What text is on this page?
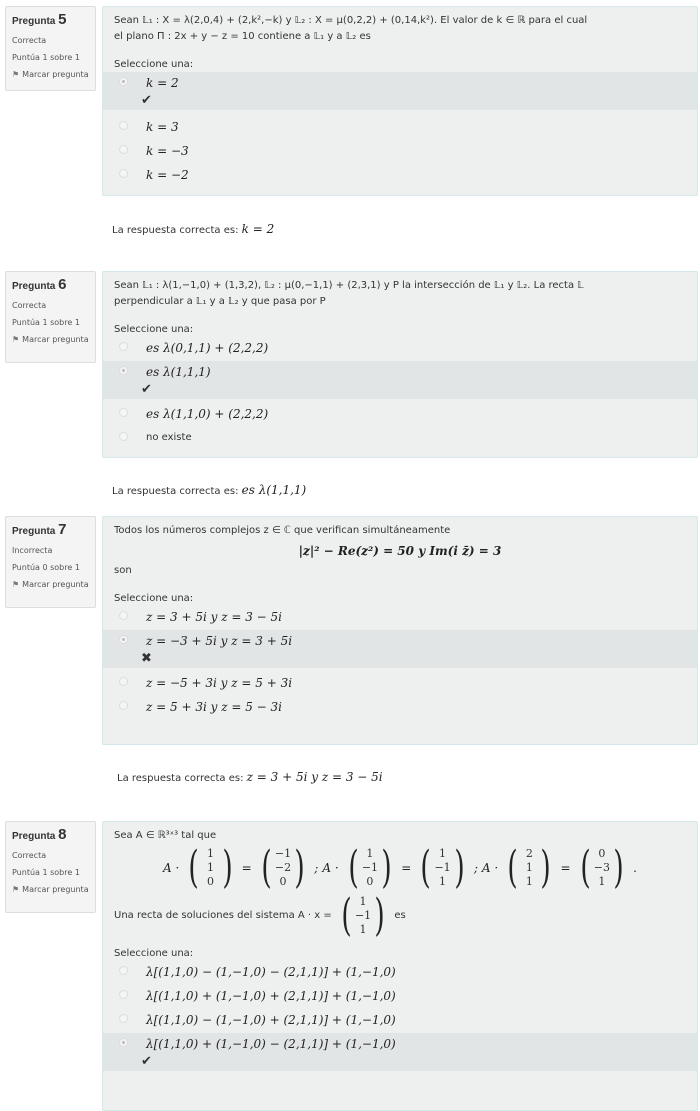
Pregunta 5
Correcta
Puntúa 1 sobre 1
⚑ Marcar pregunta
Sean 𝕃₁ : X = λ(2,0,4) + (2,k²,−k) y 𝕃₂ : X = μ(0,2,2) + (0,14,k²). El valor de k ∈ ℝ para el cual
el plano Π : 2x + y − z = 10 contiene a 𝕃₁ y a 𝕃₂ es
Seleccione una:
k = 2
✔
k = 3
k = −3
k = −2
La respuesta correcta es: k = 2
Pregunta 6
Correcta
Puntúa 1 sobre 1
⚑ Marcar pregunta
Sean 𝕃₁ : λ(1,−1,0) + (1,3,2), 𝕃₂ : μ(0,−1,1) + (2,3,1) y P la intersección de 𝕃₁ y 𝕃₂. La recta 𝕃
perpendicular a 𝕃₁ y a 𝕃₂ y que pasa por P
Seleccione una:
es λ(0,1,1) + (2,2,2)
es λ(1,1,1)
✔
es λ(1,1,0) + (2,2,2)
no existe
La respuesta correcta es: es λ(1,1,1)
Pregunta 7
Incorrecta
Puntúa 0 sobre 1
⚑ Marcar pregunta
Todos los números complejos z ∈ ℂ que verifican simultáneamente
|z|² − Re(z²) = 50 y Im(i z̄) = 3
son
Seleccione una:
z = 3 + 5i y z = 3 − 5i
z = −3 + 5i y z = 3 + 5i
✖
z = −5 + 3i y z = 5 + 3i
z = 5 + 3i y z = 5 − 3i
La respuesta correcta es: z = 3 + 5i y z = 3 − 5i
Pregunta 8
Correcta
Puntúa 1 sobre 1
⚑ Marcar pregunta
Sea A ∈ ℝ³ˣ³ tal que
A · ( 1
1
0 ) = ( −1
−2
0 ) ; A · ( 1
−1
0 ) = ( 1
−1
1 ) ; A · ( 2
1
1 ) = ( 0
−3
1 ) .
Una recta de soluciones del sistema A · x = ( 1
−1
1 ) es
Seleccione una:
λ[(1,1,0) − (1,−1,0) − (2,1,1)] + (1,−1,0)
λ[(1,1,0) + (1,−1,0) + (2,1,1)] + (1,−1,0)
λ[(1,1,0) − (1,−1,0) + (2,1,1)] + (1,−1,0)
λ[(1,1,0) + (1,−1,0) − (2,1,1)] + (1,−1,0)
✔
